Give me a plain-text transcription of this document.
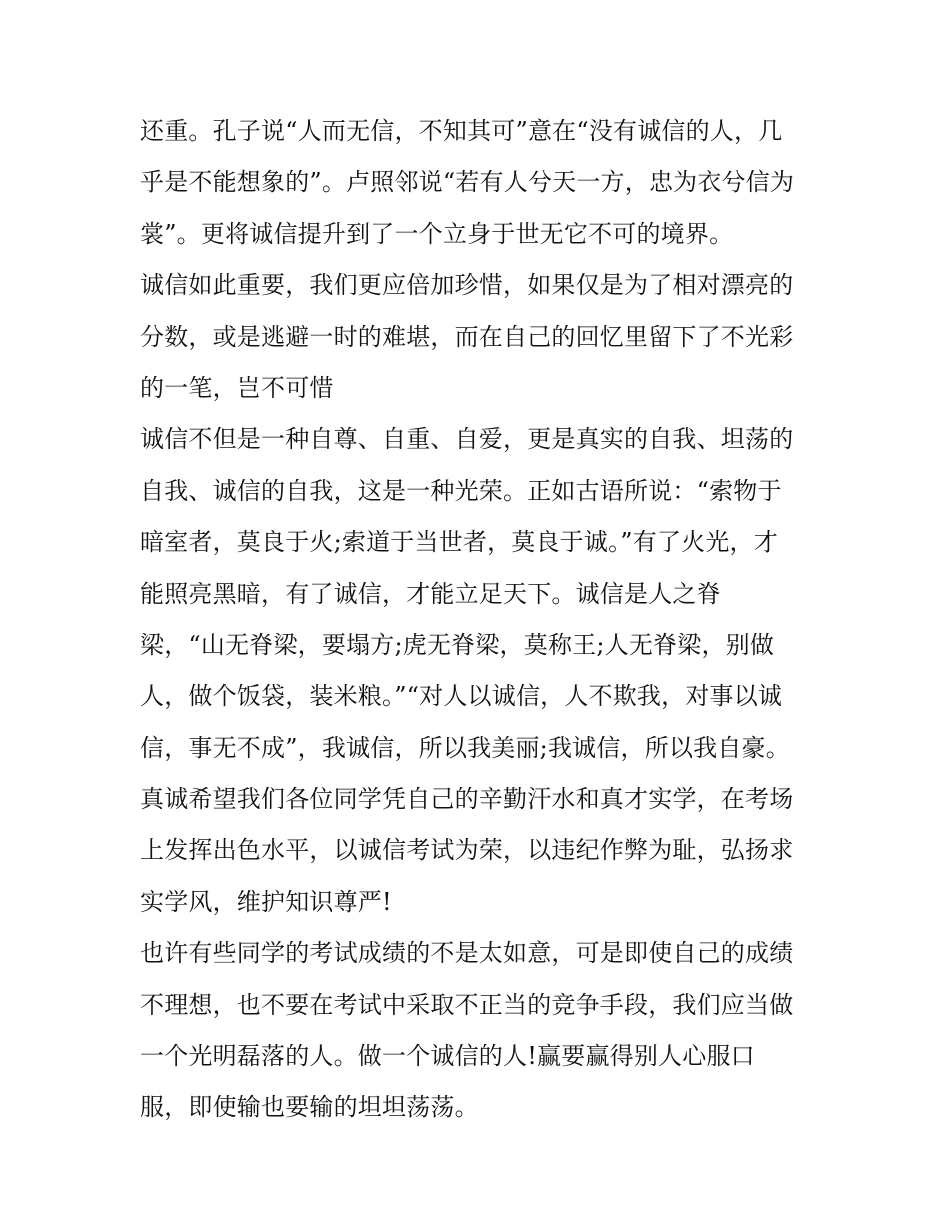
还重。孔子说“人而无信，不知其可”意在“没有诚信的人，几
乎是不能想象的”。卢照邻说“若有人兮天一方，忠为衣兮信为
裳”。更将诚信提升到了一个立身于世无它不可的境界。
诚信如此重要，我们更应倍加珍惜，如果仅是为了相对漂亮的
分数，或是逃避一时的难堪，而在自己的回忆里留下了不光彩
的一笔，岂不可惜
诚信不但是一种自尊、自重、自爱，更是真实的自我、坦荡的
自我、诚信的自我，这是一种光荣。正如古语所说：“索物于
暗室者，莫良于火;索道于当世者，莫良于诚。”有了火光，才
能照亮黑暗，有了诚信，才能立足天下。诚信是人之脊
梁，“山无脊梁，要塌方;虎无脊梁，莫称王;人无脊梁，别做
人，做个饭袋，装米粮。”“对人以诚信，人不欺我，对事以诚
信，事无不成”，我诚信，所以我美丽;我诚信，所以我自豪。
真诚希望我们各位同学凭自己的辛勤汗水和真才实学，在考场
上发挥出色水平，以诚信考试为荣，以违纪作弊为耻，弘扬求
实学风，维护知识尊严!
也许有些同学的考试成绩的不是太如意，可是即使自己的成绩
不理想，也不要在考试中采取不正当的竞争手段，我们应当做
一个光明磊落的人。做一个诚信的人!赢要赢得别人心服口
服，即使输也要输的坦坦荡荡。
